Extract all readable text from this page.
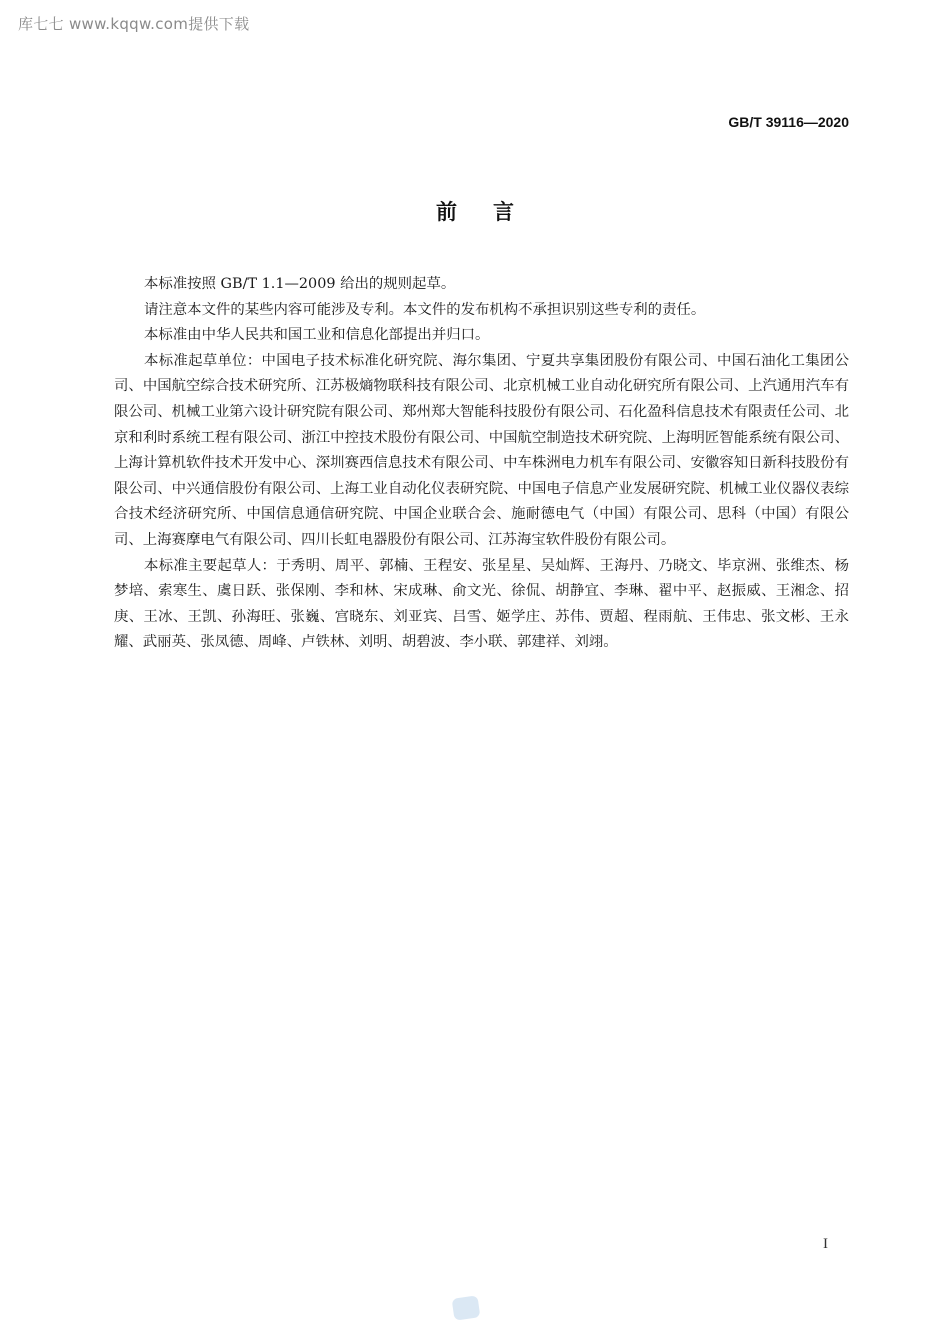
库七七 www.kqqw.com提供下载
GB/T 39116—2020
前言

本标准按照 GB/T 1.1—2009 给出的规则起草。

请注意本文件的某些内容可能涉及专利。本文件的发布机构不承担识别这些专利的责任。

本标准由中华人民共和国工业和信息化部提出并归口。

本标准起草单位：中国电子技术标准化研究院、海尔集团、宁夏共享集团股份有限公司、中国石油化工集团公司、中国航空综合技术研究所、江苏极熵物联科技有限公司、北京机械工业自动化研究所有限公司、上汽通用汽车有限公司、机械工业第六设计研究院有限公司、郑州郑大智能科技股份有限公司、石化盈科信息技术有限责任公司、北京和利时系统工程有限公司、浙江中控技术股份有限公司、中国航空制造技术研究院、上海明匠智能系统有限公司、上海计算机软件技术开发中心、深圳赛西信息技术有限公司、中车株洲电力机车有限公司、安徽容知日新科技股份有限公司、中兴通信股份有限公司、上海工业自动化仪表研究院、中国电子信息产业发展研究院、机械工业仪器仪表综合技术经济研究所、中国信息通信研究院、中国企业联合会、施耐德电气（中国）有限公司、思科（中国）有限公司、上海赛摩电气有限公司、四川长虹电器股份有限公司、江苏海宝软件股份有限公司。

本标准主要起草人：于秀明、周平、郭楠、王程安、张星星、吴灿辉、王海丹、乃晓文、毕京洲、张维杰、杨梦培、索寒生、虞日跃、张保刚、李和林、宋成琳、俞文光、徐侃、胡静宜、李琳、翟中平、赵振威、王湘念、招庚、王冰、王凯、孙海旺、张巍、宫晓东、刘亚宾、吕雪、姬学庄、苏伟、贾超、程雨航、王伟忠、张文彬、王永耀、武丽英、张凤德、周峰、卢铁林、刘明、胡碧波、李小联、郭建祥、刘翊。

I
